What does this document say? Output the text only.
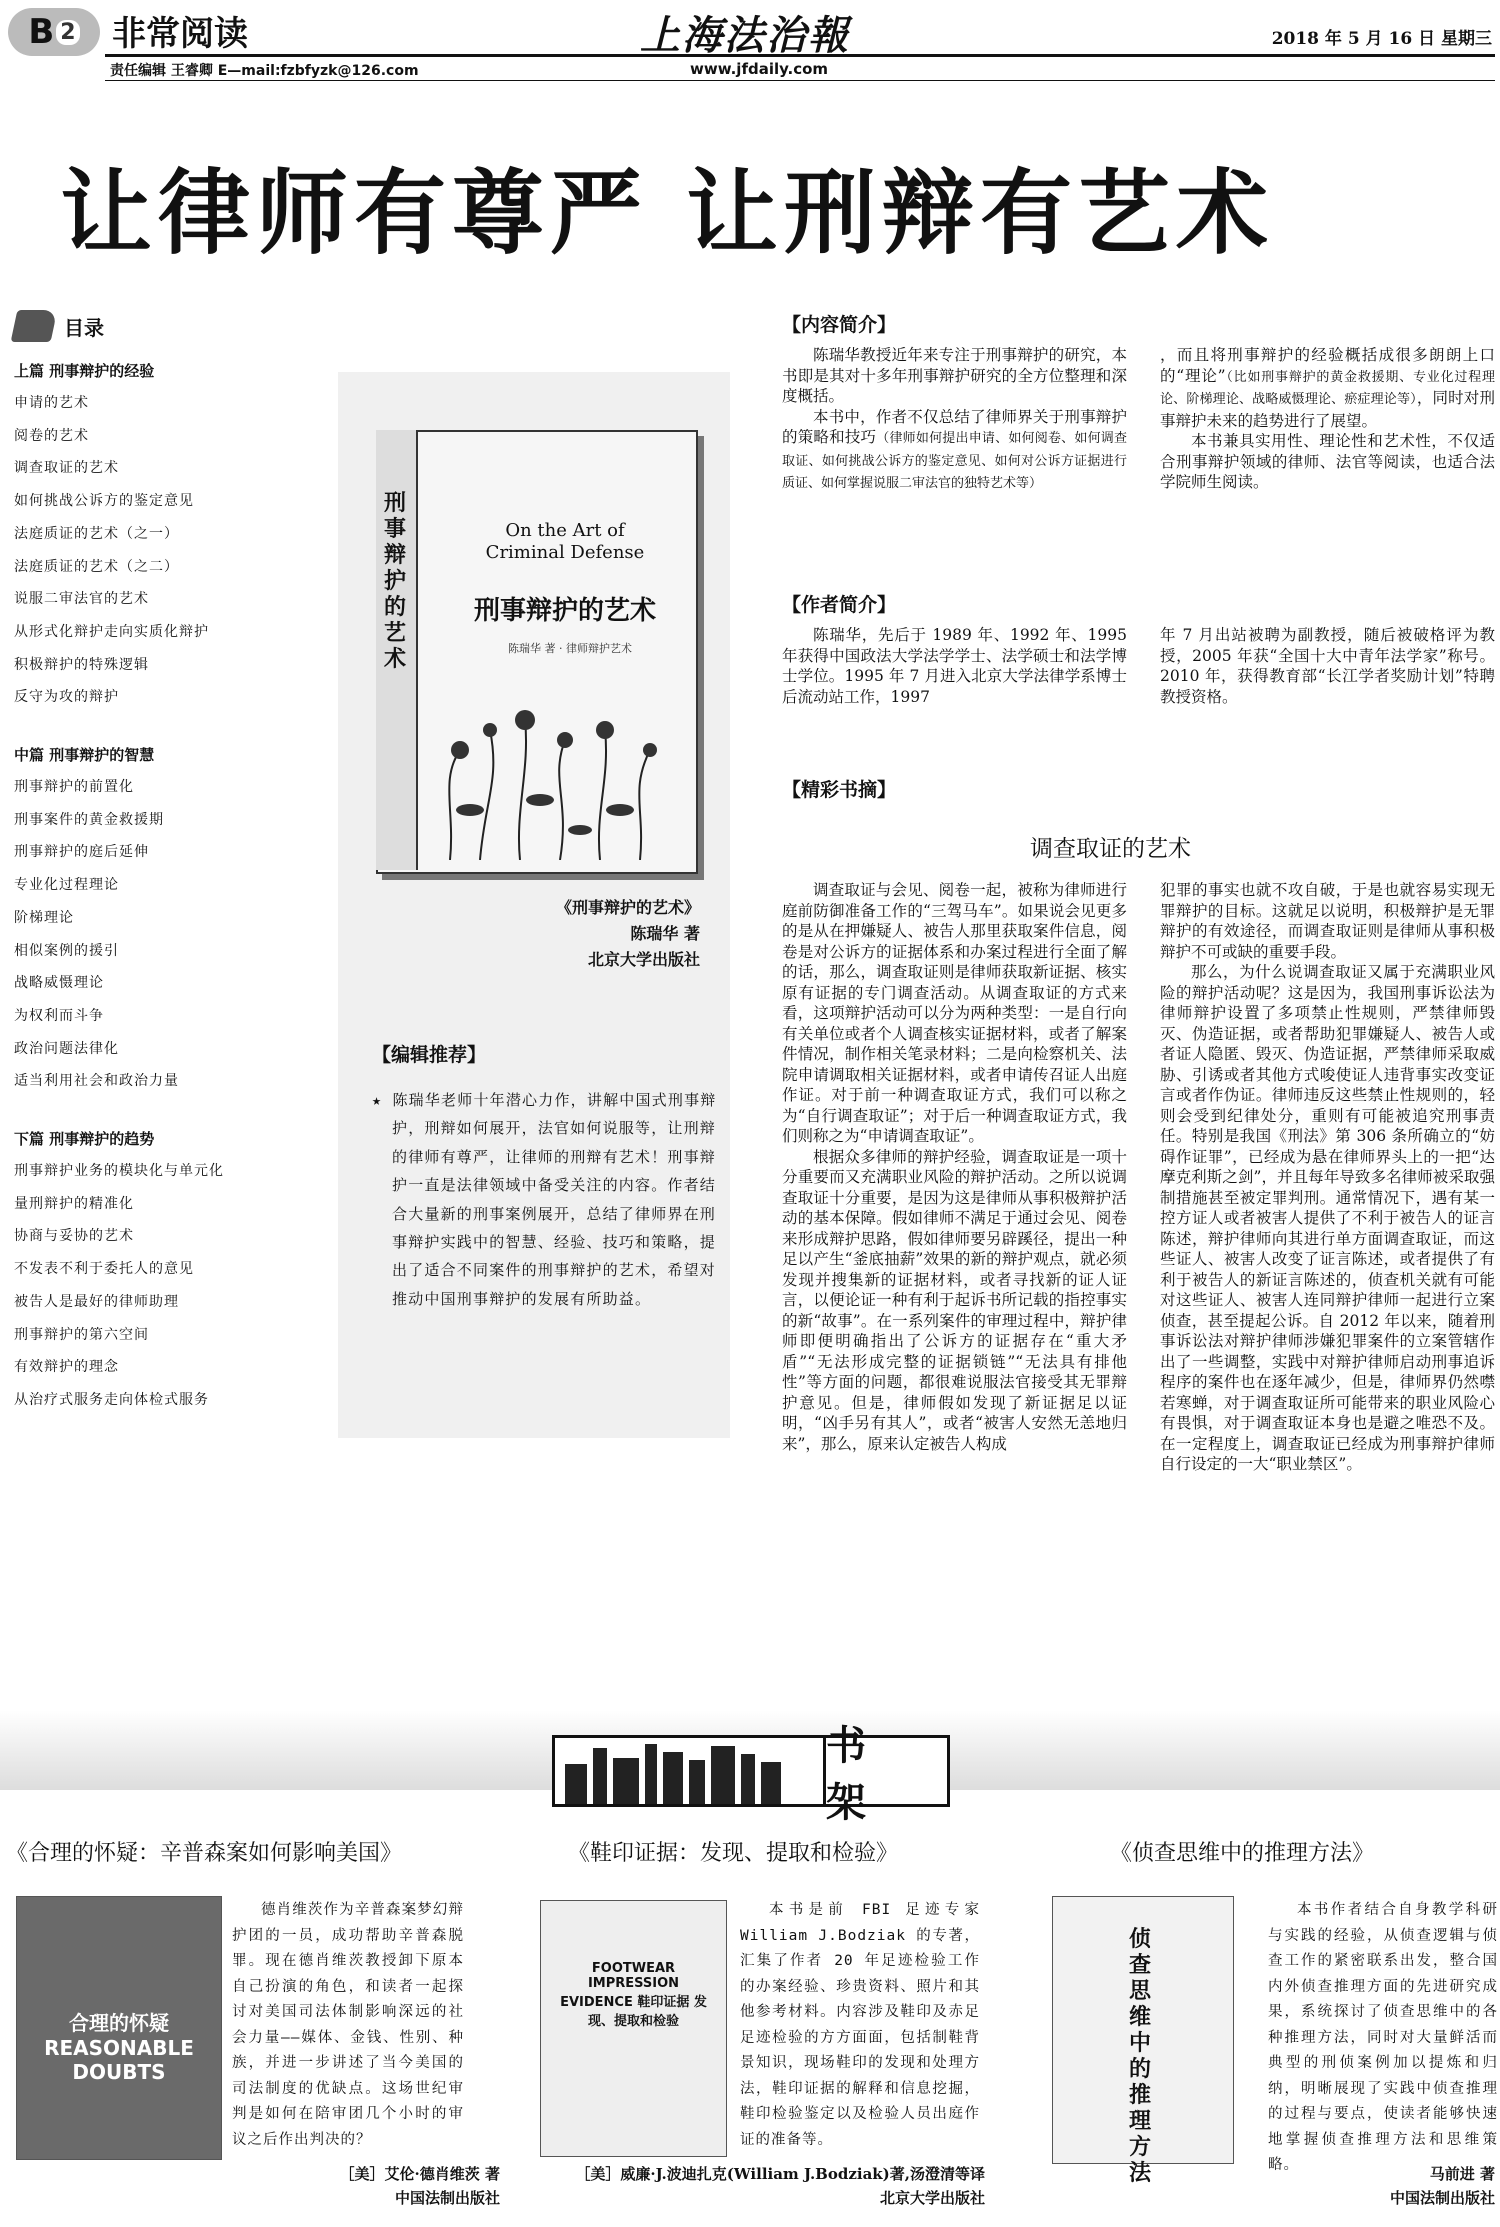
B 2 非常阅读
责任编辑 王睿卿 E—mail:fzbfyzk@126.com
上海法治報
www.jfdaily.com
2018 年 5 月 16 日 星期三
让律师有尊严 让刑辩有艺术
目录
上篇 刑事辩护的经验
申请的艺术
阅卷的艺术
调查取证的艺术
如何挑战公诉方的鉴定意见
法庭质证的艺术（之一）
法庭质证的艺术（之二）
说服二审法官的艺术
从形式化辩护走向实质化辩护
积极辩护的特殊逻辑
反守为攻的辩护
中篇 刑事辩护的智慧
刑事辩护的前置化
刑事案件的黄金救援期
刑事辩护的庭后延伸
专业化过程理论
阶梯理论
相似案例的援引
战略威慑理论
为权利而斗争
政治问题法律化
适当利用社会和政治力量
下篇 刑事辩护的趋势
刑事辩护业务的模块化与单元化
量刑辩护的精准化
协商与妥协的艺术
不发表不利于委托人的意见
被告人是最好的律师助理
刑事辩护的第六空间
有效辩护的理念
从治疗式服务走向体检式服务
刑事辩护的艺术
On the Art of Criminal Defense
刑事辩护的艺术
陈瑞华 著 · 律师辩护艺术
《刑事辩护的艺术》
陈瑞华 著
北京大学出版社
【编辑推荐】
★ 陈瑞华老师十年潜心力作，讲解中国式刑事辩护，刑辩如何展开，法官如何说服等，让刑辩的律师有尊严，让律师的刑辩有艺术！刑事辩护一直是法律领域中备受关注的内容。作者结合大量新的刑事案例展开，总结了律师界在刑事辩护实践中的智慧、经验、技巧和策略，提出了适合不同案件的刑事辩护的艺术，希望对推动中国刑事辩护的发展有所助益。
【内容简介】

陈瑞华教授近年来专注于刑事辩护的研究，本书即是其对十多年刑事辩护研究的全方位整理和深度概括。

本书中，作者不仅总结了律师界关于刑事辩护的策略和技巧（律师如何提出申请、如何阅卷、如何调查取证、如何挑战公诉方的鉴定意见、如何对公诉方证据进行质证、如何掌握说服二审法官的独特艺术等）

，而且将刑事辩护的经验概括成很多朗朗上口的“理论”（比如刑事辩护的黄金救援期、专业化过程理论、阶梯理论、战略威慑理论、瘀症理论等），同时对刑事辩护未来的趋势进行了展望。

本书兼具实用性、理论性和艺术性，不仅适合刑事辩护领域的律师、法官等阅读，也适合法学院师生阅读。

【作者简介】

陈瑞华，先后于 1989 年、1992 年、1995 年获得中国政法大学法学学士、法学硕士和法学博士学位。1995 年 7 月进入北京大学法律学系博士后流动站工作，1997

年 7 月出站被聘为副教授，随后被破格评为教授，2005 年获“全国十大中青年法学家”称号。2010 年，获得教育部“长江学者奖励计划”特聘教授资格。
【精彩书摘】
调查取证的艺术

调查取证与会见、阅卷一起，被称为律师进行庭前防御准备工作的“三驾马车”。如果说会见更多的是从在押嫌疑人、被告人那里获取案件信息，阅卷是对公诉方的证据体系和办案过程进行全面了解的话，那么，调查取证则是律师获取新证据、核实原有证据的专门调查活动。从调查取证的方式来看，这项辩护活动可以分为两种类型：一是自行向有关单位或者个人调查核实证据材料，或者了解案件情况，制作相关笔录材料；二是向检察机关、法院申请调取相关证据材料，或者申请传召证人出庭作证。对于前一种调查取证方式，我们可以称之为“自行调查取证”；对于后一种调查取证方式，我们则称之为“申请调查取证”。

根据众多律师的辩护经验，调查取证是一项十分重要而又充满职业风险的辩护活动。之所以说调查取证十分重要，是因为这是律师从事积极辩护活动的基本保障。假如律师不满足于通过会见、阅卷来形成辩护思路，假如律师要另辟蹊径，提出一种足以产生“釜底抽薪”效果的新的辩护观点，就必须发现并搜集新的证据材料，或者寻找新的证人证言，以便论证一种有利于起诉书所记载的指控事实的新“故事”。在一系列案件的审理过程中，辩护律师即便明确指出了公诉方的证据存在“重大矛盾”“无法形成完整的证据锁链”“无法具有排他性”等方面的问题，都很难说服法官接受其无罪辩护意见。但是，律师假如发现了新证据足以证明，“凶手另有其人”，或者“被害人安然无恙地归来”，那么，原来认定被告人构成

犯罪的事实也就不攻自破，于是也就容易实现无罪辩护的目标。这就足以说明，积极辩护是无罪辩护的有效途径，而调查取证则是律师从事积极辩护不可或缺的重要手段。

那么，为什么说调查取证又属于充满职业风险的辩护活动呢？这是因为，我国刑事诉讼法为律师辩护设置了多项禁止性规则，严禁律师毁灭、伪造证据，或者帮助犯罪嫌疑人、被告人或者证人隐匿、毁灭、伪造证据，严禁律师采取威胁、引诱或者其他方式唆使证人违背事实改变证言或者作伪证。律师违反这些禁止性规则的，轻则会受到纪律处分，重则有可能被追究刑事责任。特别是我国《刑法》第 306 条所确立的“妨碍作证罪”，已经成为悬在律师界头上的一把“达摩克利斯之剑”，并且每年导致多名律师被采取强制措施甚至被定罪判刑。通常情况下，遇有某一控方证人或者被害人提供了不利于被告人的证言陈述，辩护律师向其进行单方面调查取证，而这些证人、被害人改变了证言陈述，或者提供了有利于被告人的新证言陈述的，侦查机关就有可能对这些证人、被害人连同辩护律师一起进行立案侦查，甚至提起公诉。自 2012 年以来，随着刑事诉讼法对辩护律师涉嫌犯罪案件的立案管辖作出了一些调整，实践中对辩护律师启动刑事追诉程序的案件也在逐年减少，但是，律师界仍然噤若寒蝉，对于调查取证所可能带来的职业风险心有畏惧，对于调查取证本身也是避之唯恐不及。在一定程度上，调查取证已经成为刑事辩护律师自行设定的一大“职业禁区”。

书 架
《合理的怀疑：辛普森案如何影响美国》
合理的怀疑 REASONABLE DOUBTS
德肖维茨作为辛普森案梦幻辩护团的一员，成功帮助辛普森脱罪。现在德肖维茨教授卸下原本自己扮演的角色，和读者一起探讨对美国司法体制影响深远的社会力量——媒体、金钱、性别、种族，并进一步讲述了当今美国的司法制度的优缺点。这场世纪审判是如何在陪审团几个小时的审议之后作出判决的？
［美］艾伦·德肖维茨 著
中国法制出版社
《鞋印证据：发现、提取和检验》
FOOTWEAR IMPRESSION EVIDENCE 鞋印证据 发现、提取和检验
本书是前 FBI 足迹专家 William J.Bodziak 的专著，汇集了作者 20 年足迹检验工作的办案经验、珍贵资料、照片和其他参考材料。内容涉及鞋印及赤足足迹检验的方方面面，包括制鞋背景知识，现场鞋印的发现和处理方法，鞋印证据的解释和信息挖掘，鞋印检验鉴定以及检验人员出庭作证的准备等。
［美］威廉·J.波迪扎克(William J.Bodziak)著,汤澄清等译
北京大学出版社
《侦查思维中的推理方法》
侦查思维中的推理方法
本书作者结合自身教学科研与实践的经验，从侦查逻辑与侦查工作的紧密联系出发，整合国内外侦查推理方面的先进研究成果，系统探讨了侦查思维中的各种推理方法，同时对大量鲜活而典型的刑侦案例加以提炼和归纳，明晰展现了实践中侦查推理的过程与要点，使读者能够快速地掌握侦查推理方法和思维策略。	马前进 著
中国法制出版社
